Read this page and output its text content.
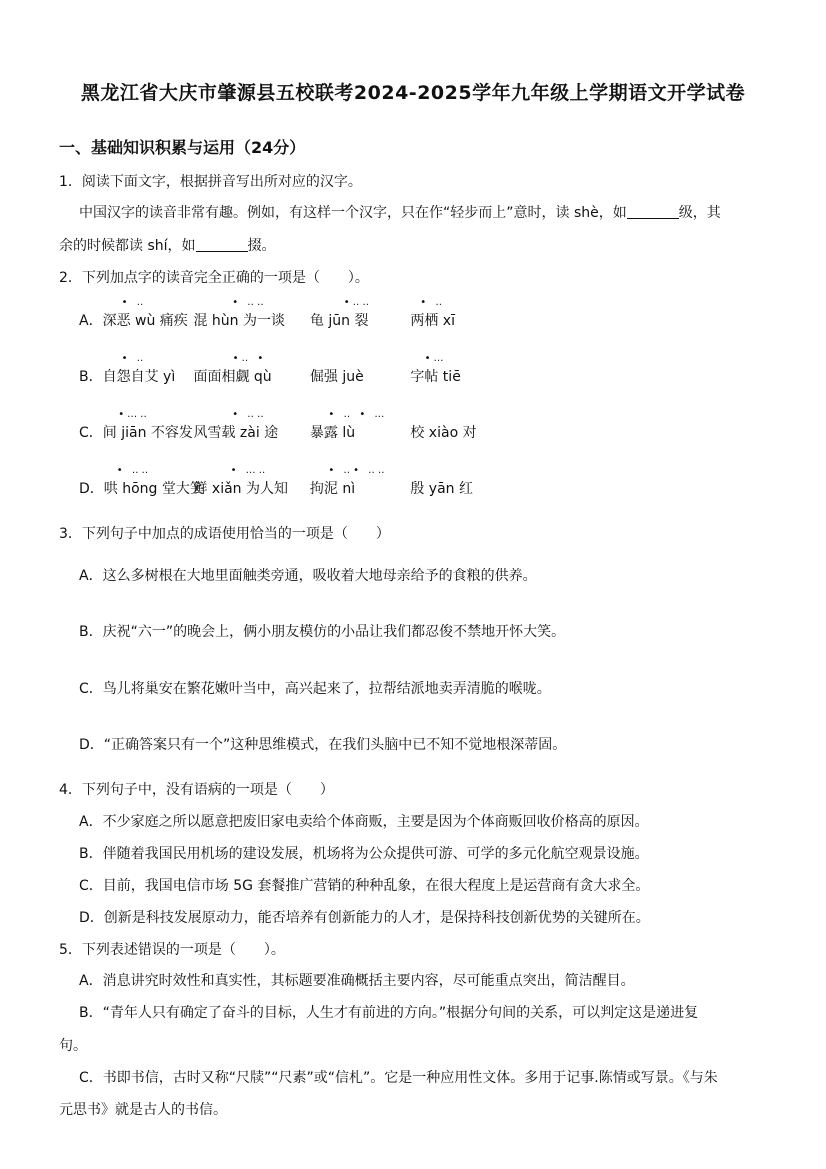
黑龙江省大庆市肇源县五校联考2024-2025学年九年级上学期语文开学试卷
一、基础知识积累与运用（24分）
1．阅读下面文字，根据拼音写出所对应的汉字。
中国汉字的读音非常有趣。例如，有这样一个汉字，只在作“轻步而上”意时，读 shè，如	级，其
余的时候都读 shí，如	掇。
2．下列加点字的读音完全正确的一项是（　　）。
• ‥ A．深恶 wù 痛疾 • ‥‥ 混 hùn 为一谈 •‥‥ 龟 jūn 裂	• ‥ 两栖 xī
• ‥ B．自怨自艾 yì •‥ • 面面相觑 qù	倔强 juè	•… 字帖 tiē
•…‥ C．间 jiān 不容发 • ‥‥ 风雪载 zài 途 • ‥ • … 暴露 lù	校 xiào 对
• ‥‥ D．哄 hōng 堂大笑 • …‥ 鲜 xiǎn 为人知 • ‥• ‥‥ 拘泥 nì	殷 yān 红
3．下列句子中加点的成语使用恰当的一项是（　　）
A．这么多树根在大地里面触类旁通，吸收着大地母亲给予的食粮的供养。
B．庆祝“六一”的晚会上，俩小朋友模仿的小品让我们都忍俊不禁地开怀大笑。
C．鸟儿将巢安在繁花嫩叶当中，高兴起来了，拉帮结派地卖弄清脆的喉咙。
D．“正确答案只有一个”这种思维模式，在我们头脑中已不知不觉地根深蒂固。
4．下列句子中，没有语病的一项是（　　）
A．不少家庭之所以愿意把废旧家电卖给个体商贩，主要是因为个体商贩回收价格高的原因。
B．伴随着我国民用机场的建设发展，机场将为公众提供可游、可学的多元化航空观景设施。
C．目前，我国电信市场 5G 套餐推广营销的种种乱象，在很大程度上是运营商有贪大求全。
D．创新是科技发展原动力，能否培养有创新能力的人才，是保持科技创新优势的关键所在。
5．下列表述错误的一项是（　　）。
A．消息讲究时效性和真实性，其标题要准确概括主要内容，尽可能重点突出，简洁醒目。
B．“青年人只有确定了奋斗的目标，人生才有前进的方向。”根据分句间的关系，可以判定这是递进复
句。
C．书即书信，古时又称“尺牍”“尺素”或“信札”。它是一种应用性文体。多用于记事.陈情或写景。《与朱
元思书》就是古人的书信。
